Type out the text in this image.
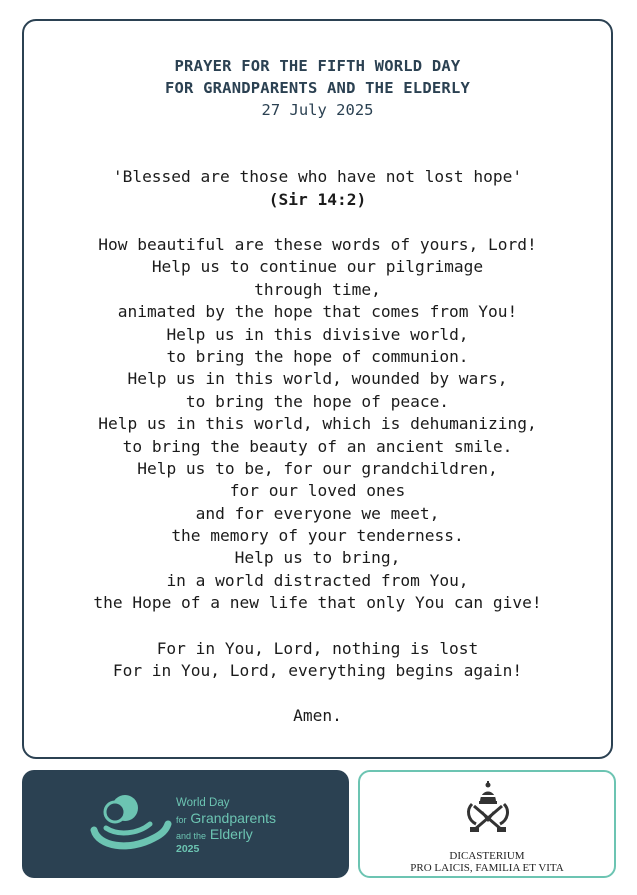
PRAYER FOR THE FIFTH WORLD DAY
FOR GRANDPARENTS AND THE ELDERLY
27 July 2025
'Blessed are those who have not lost hope'
(Sir 14:2)
How beautiful are these words of yours, Lord!
Help us to continue our pilgrimage
through time,
animated by the hope that comes from You!
Help us in this divisive world,
to bring the hope of communion.
Help us in this world, wounded by wars,
to bring the hope of peace.
Help us in this world, which is dehumanizing,
to bring the beauty of an ancient smile.
Help us to be, for our grandchildren,
for our loved ones
and for everyone we meet,
the memory of your tenderness.
Help us to bring,
in a world distracted from You,
the Hope of a new life that only You can give!
For in You, Lord, nothing is lost
For in You, Lord, everything begins again!
Amen.
World Day
for Grandparents
and the Elderly
2025
DICASTERIUM
PRO LAICIS, FAMILIA ET VITA
